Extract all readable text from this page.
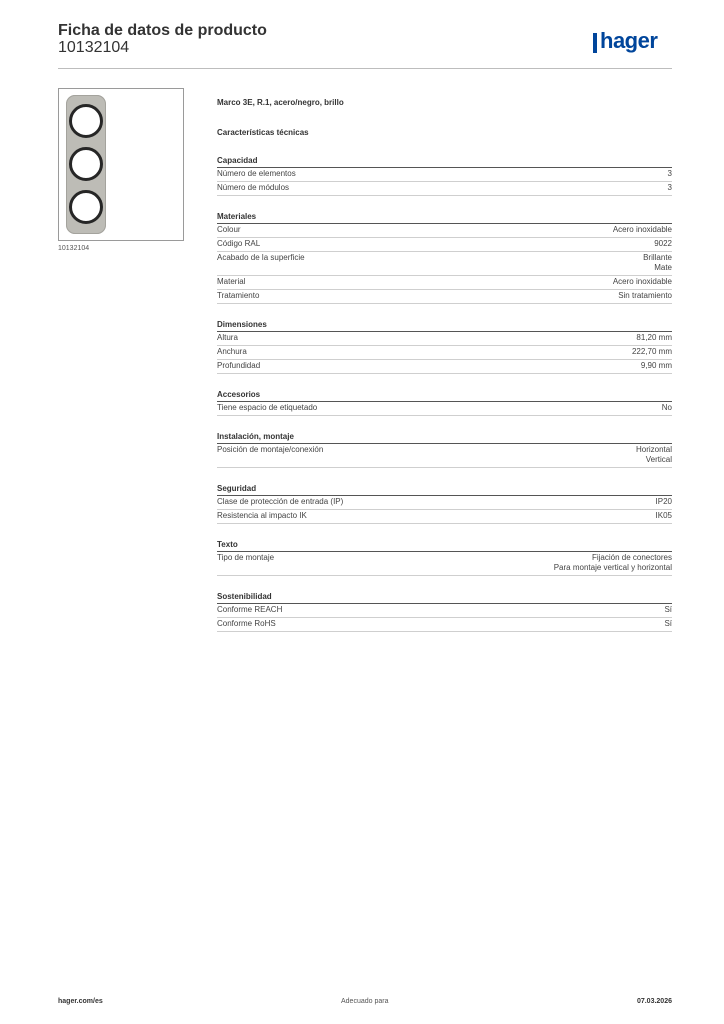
Ficha de datos de producto
10132104	hager
10132104
Marco 3E, R.1, acero/negro, brillo
Características técnicas
Capacidad
Número de elementos	3
Número de módulos	3
Materiales
Colour	Acero inoxidable
Código RAL	9022
Acabado de la superficie	Brillante
Mate
Material	Acero inoxidable
Tratamiento	Sin tratamiento
Dimensiones
Altura	81,20 mm
Anchura	222,70 mm
Profundidad	9,90 mm
Accesorios
Tiene espacio de etiquetado	No
Instalación, montaje
Posición de montaje/conexión	Horizontal
Vertical
Seguridad
Clase de protección de entrada (IP)	IP20
Resistencia al impacto IK	IK05
Texto
Tipo de montaje	Fijación de conectores
Para montaje vertical y horizontal
Sostenibilidad
Conforme REACH	Sí
Conforme RoHS	Sí
hager.com/es	Adecuado para	07.03.2026
